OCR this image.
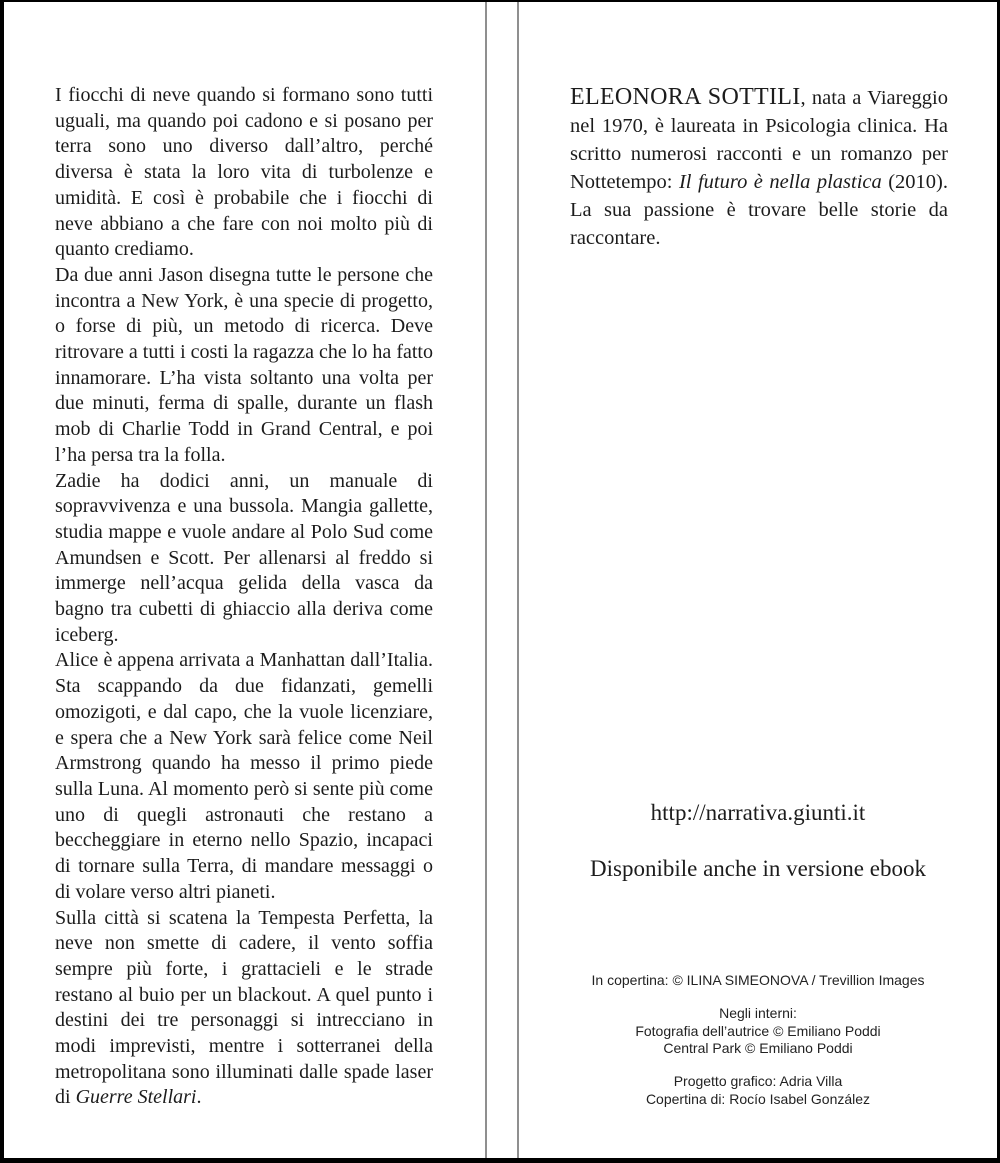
I fiocchi di neve quando si formano sono tutti uguali, ma quando poi cadono e si posano per terra sono uno diverso dall’altro, perché diversa è stata la loro vita di turbolenze e umidità. E così è probabile che i fiocchi di neve abbiano a che fare con noi molto più di quanto crediamo.

Da due anni Jason disegna tutte le persone che incontra a New York, è una specie di progetto, o forse di più, un metodo di ricerca. Deve ritrovare a tutti i costi la ragazza che lo ha fatto innamorare. L’ha vista soltanto una volta per due minuti, ferma di spalle, durante un flash mob di Charlie Todd in Grand Central, e poi l’ha persa tra la folla.

Zadie ha dodici anni, un manuale di sopravvivenza e una bussola. Mangia gallette, studia mappe e vuole andare al Polo Sud come Amundsen e Scott. Per allenarsi al freddo si immerge nell’acqua gelida della vasca da bagno tra cubetti di ghiaccio alla deriva come iceberg.

Alice è appena arrivata a Manhattan dall’Italia. Sta scappando da due fidanzati, gemelli omozigoti, e dal capo, che la vuole licenziare, e spera che a New York sarà felice come Neil Armstrong quando ha messo il primo piede sulla Luna. Al momento però si sente più come uno di quegli astronauti che restano a beccheggiare in eterno nello Spazio, incapaci di tornare sulla Terra, di mandare messaggi o di volare verso altri pianeti.

Sulla città si scatena la Tempesta Perfetta, la neve non smette di cadere, il vento soffia sempre più forte, i grattacieli e le strade restano al buio per un blackout. A quel punto i destini dei tre personaggi si intrecciano in modi imprevisti, mentre i sotterranei della metropolitana sono illuminati dalle spade laser di Guerre Stellari.

ELEONORA SOTTILI, nata a Viareggio nel 1970, è laureata in Psicologia clinica. Ha scritto numerosi racconti e un romanzo per Nottetempo: Il futuro è nella plastica (2010). La sua passione è trovare belle storie da raccontare.

http://narrativa.giunti.it
Disponibile anche in versione ebook
In copertina: © ILINA SIMEONOVA / Trevillion Images
Negli interni:
Fotografia dell’autrice © Emiliano Poddi
Central Park © Emiliano Poddi
Progetto grafico: Adria Villa
Copertina di: Rocío Isabel González
